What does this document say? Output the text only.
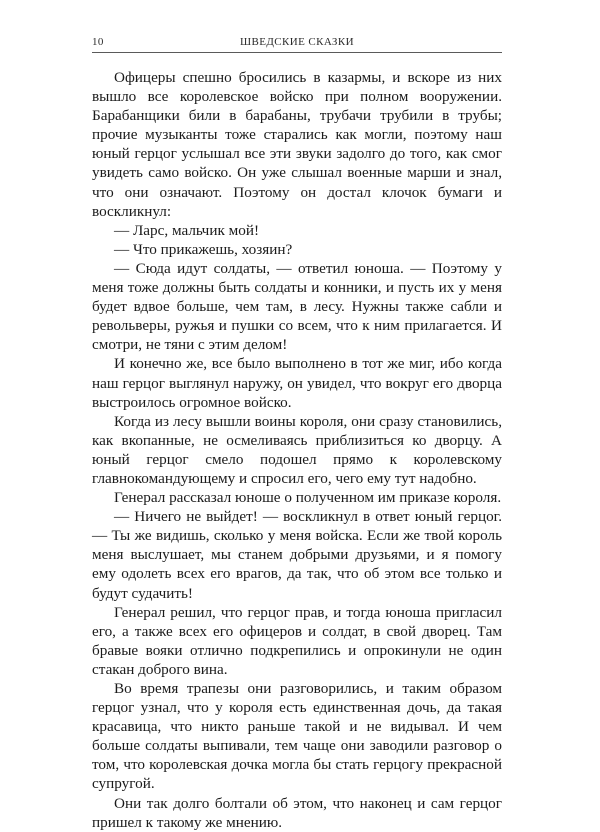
10	ШВЕДСКИЕ СКАЗКИ

Офицеры спешно бросились в казармы, и вскоре из них вышло все королевское войско при полном вооружении. Барабанщики били в барабаны, трубачи трубили в трубы; прочие музыканты тоже старались как могли, поэтому наш юный герцог услышал все эти звуки задолго до того, как смог увидеть само войско. Он уже слышал военные марши и знал, что они означают. Поэтому он достал клочок бумаги и воскликнул:

— Ларс, мальчик мой!

— Что прикажешь, хозяин?

— Сюда идут солдаты, — ответил юноша. — Поэтому у меня тоже должны быть солдаты и конники, и пусть их у меня будет вдвое больше, чем там, в лесу. Нужны также сабли и револьверы, ружья и пушки со всем, что к ним прилагается. И смотри, не тяни с этим делом!

И конечно же, все было выполнено в тот же миг, ибо когда наш герцог выглянул наружу, он увидел, что вокруг его дворца выстроилось огромное войско.

Когда из лесу вышли воины короля, они сразу становились, как вкопанные, не осмеливаясь приблизиться ко дворцу. А юный герцог смело подошел прямо к королевскому главнокомандующему и спросил его, чего ему тут надобно.

Генерал рассказал юноше о полученном им приказе короля.

— Ничего не выйдет! — воскликнул в ответ юный герцог. — Ты же видишь, сколько у меня войска. Если же твой король меня выслушает, мы станем добрыми друзьями, и я помогу ему одолеть всех его врагов, да так, что об этом все только и будут судачить!

Генерал решил, что герцог прав, и тогда юноша пригласил его, а также всех его офицеров и солдат, в свой дворец. Там бравые вояки отлично подкрепились и опрокинули не один стакан доброго вина.

Во время трапезы они разговорились, и таким образом герцог узнал, что у короля есть единственная дочь, да такая красавица, что никто раньше такой и не видывал. И чем больше солдаты выпивали, тем чаще они заводили разговор о том, что королевская дочка могла бы стать герцогу прекрасной супругой.

Они так долго болтали об этом, что наконец и сам герцог пришел к такому же мнению.
